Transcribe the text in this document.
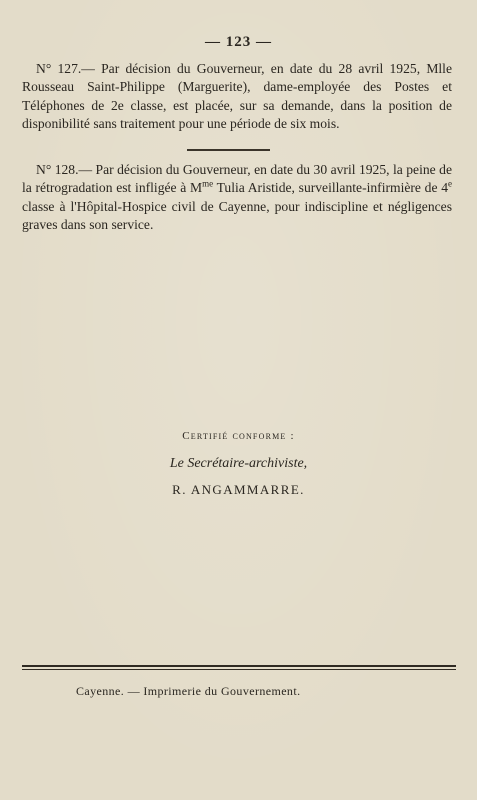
— 123 —
N° 127.— Par décision du Gouverneur, en date du 28 avril 1925, Mlle Rousseau Saint-Philippe (Marguerite), dame-employée des Postes et Téléphones de 2e classe, est placée, sur sa demande, dans la position de disponibilité sans traitement pour une période de six mois.
N° 128.— Par décision du Gouverneur, en date du 30 avril 1925, la peine de la rétrogradation est infligée à $M^{me}$ Tulia Aristide, surveillante-infirmière de 4e classe à l'Hôpital-Hospice civil de Cayenne, pour indiscipline et négligences graves dans son service.
Certifié conforme :
Le Secrétaire-archiviste,
R. ANGAMMARRE.
Cayenne. — Imprimerie du Gouvernement.
